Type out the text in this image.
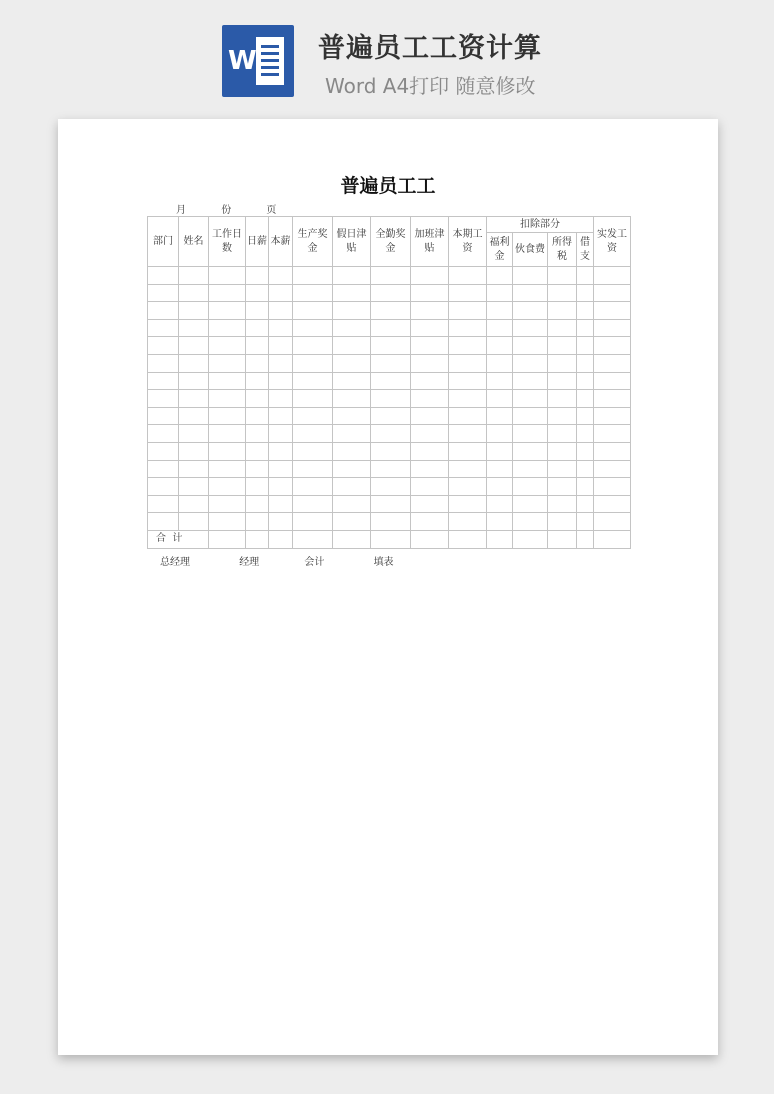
W 普遍员工工资计算
Word A4打印 随意修改
普遍员工工
月	份	页
部门	姓名	工作日数	日薪	本薪	生产奖金	假日津贴	全勤奖金	加班津贴	本期工资	扣除部分				实发工资
										福利金	伙食费	所得税	借支	

合  计														
总经理	经理	会计	填表
